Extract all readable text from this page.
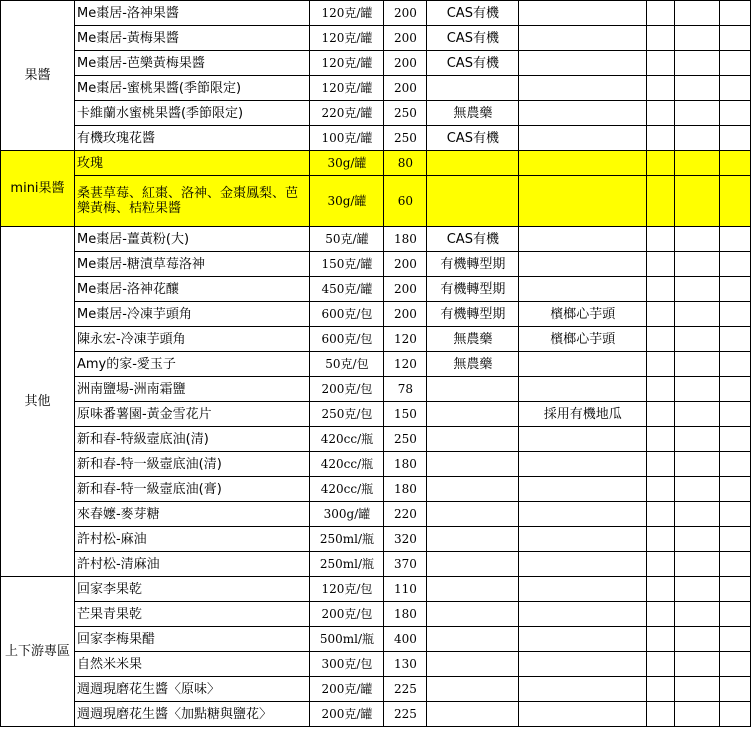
果醬	Me棗居-洛神果醬	120克/罐	200	CAS有機				
	Me棗居-黃梅果醬	120克/罐	200	CAS有機				
	Me棗居-芭樂黃梅果醬	120克/罐	200	CAS有機				
	Me棗居-蜜桃果醬(季節限定)	120克/罐	200					
	卡維蘭水蜜桃果醬(季節限定)	220克/罐	250	無農藥				
	有機玫瑰花醬	100克/罐	250	CAS有機				
mini果醬	玫瑰	30g/罐	80					
	桑葚草莓、紅棗、洛神、金棗鳳梨、芭樂黃梅、桔粒果醬	30g/罐	60					
其他	Me棗居-薑黃粉(大)	50克/罐	180	CAS有機				
	Me棗居-糖漬草莓洛神	150克/罐	200	有機轉型期				
	Me棗居-洛神花釀	450克/罐	200	有機轉型期				
	Me棗居-冷凍芋頭角	600克/包	200	有機轉型期	檳榔心芋頭			
	陳永宏-冷凍芋頭角	600克/包	120	無農藥	檳榔心芋頭			
	Amy的家-愛玉子	50克/包	120	無農藥				
	洲南鹽場-洲南霜鹽	200克/包	78					
	原味番薯園-黃金雪花片	250克/包	150		採用有機地瓜			
	新和春-特級壼底油(清)	420cc/瓶	250					
	新和春-特一級壼底油(清)	420cc/瓶	180					
	新和春-特一級壼底油(膏)	420cc/瓶	180					
	來春嬤-麥芽糖	300g/罐	220					
	許村松-麻油	250ml/瓶	320					
	許村松-清麻油	250ml/瓶	370					
上下游專區	回家李果乾	120克/包	110					
	芒果青果乾	200克/包	180					
	回家李梅果醋	500ml/瓶	400					
	自然米米果	300克/包	130					
	週週現磨花生醬〈原味〉	200克/罐	225					
	週週現磨花生醬〈加點糖與鹽花〉	200克/罐	225					
